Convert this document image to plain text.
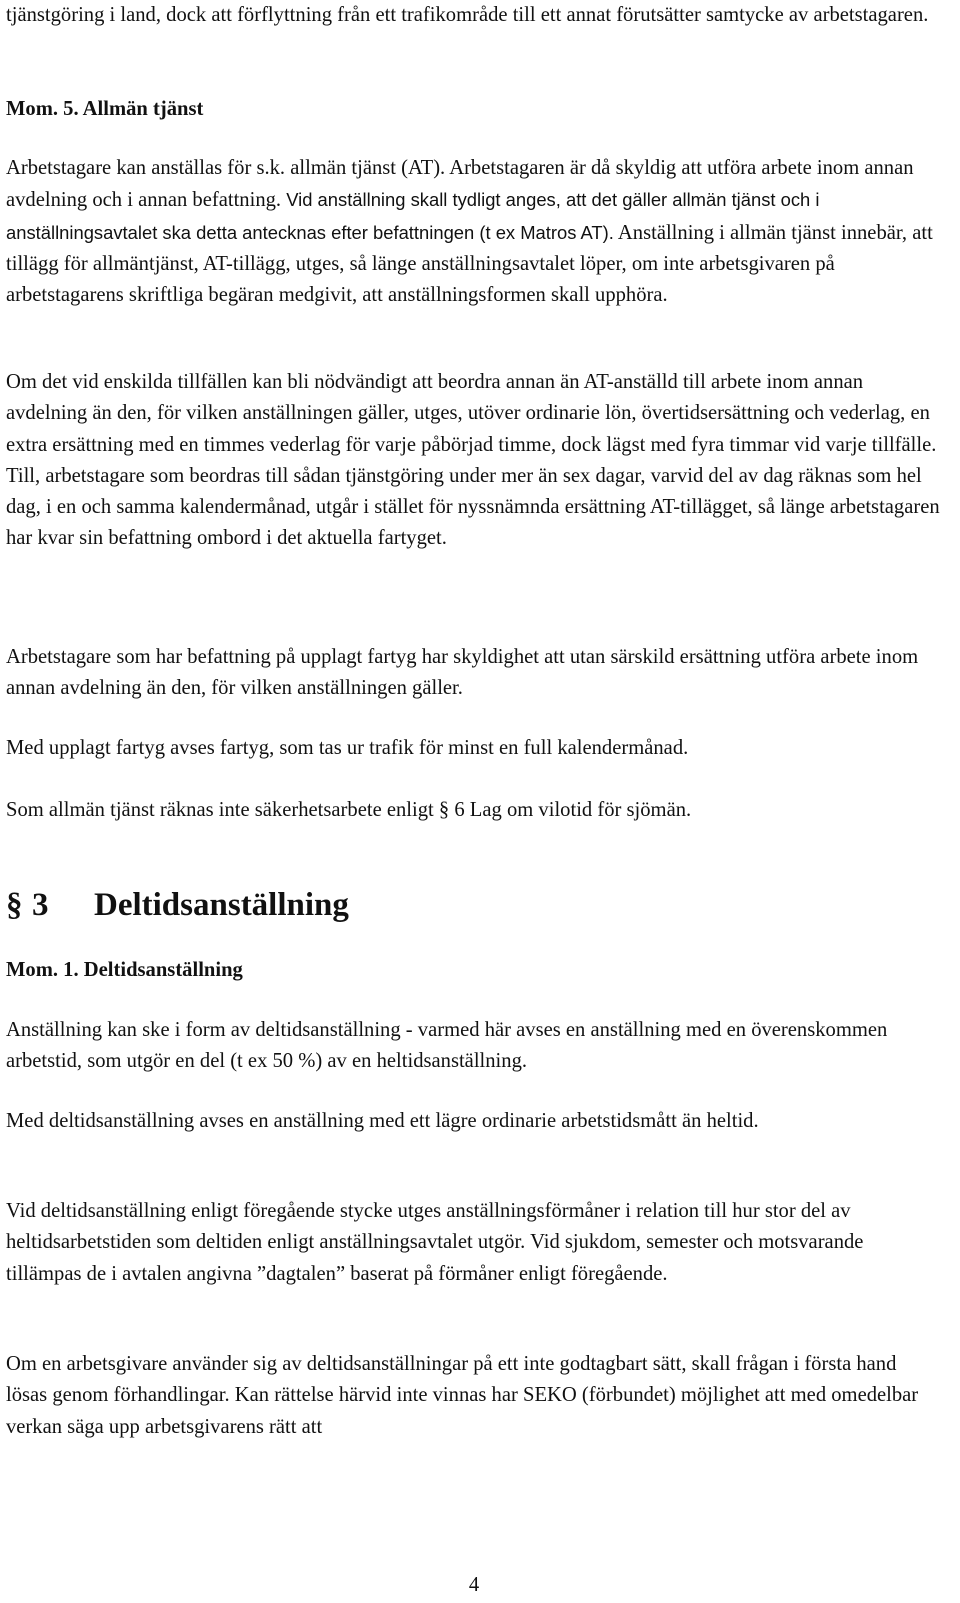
tjänstgöring i land, dock att förflyttning från ett trafikområde till ett annat förutsätter samtycke av arbetstagaren.

Mom. 5. Allmän tjänst

Arbetstagare kan anställas för s.k. allmän tjänst (AT). Arbetstagaren är då skyldig att utföra arbete inom annan avdelning och i annan befattning. Vid anställning skall tydligt anges, att det gäller allmän tjänst och i anställningsavtalet ska detta antecknas efter befattningen (t ex Matros AT). Anställning i allmän tjänst innebär, att tillägg för allmäntjänst, AT-tillägg, utges, så länge anställningsavtalet löper, om inte arbetsgivaren på arbetstagarens skriftliga begäran medgivit, att anställningsformen skall upphöra.

Om det vid enskilda tillfällen kan bli nödvändigt att beordra annan än AT-anställd till arbete inom annan avdelning än den, för vilken anställningen gäller, utges, utöver ordinarie lön, övertidsersättning och vederlag, en extra ersättning med en timmes vederlag för varje påbörjad timme, dock lägst med fyra timmar vid varje tillfälle. Till, arbetstagare som beordras till sådan tjänstgöring under mer än sex dagar, varvid del av dag räknas som hel dag, i en och samma kalendermånad, utgår i stället för nyssnämnda ersättning AT-tillägget, så länge arbetstagaren har kvar sin befattning ombord i det aktuella fartyget.

Arbetstagare som har befattning på upplagt fartyg har skyldighet att utan särskild ersättning utföra arbete inom annan avdelning än den, för vilken anställningen gäller.

Med upplagt fartyg avses fartyg, som tas ur trafik för minst en full kalendermånad.

Som allmän tjänst räknas inte säkerhetsarbete enligt § 6 Lag om vilotid för sjömän.

§ 3 Deltidsanställning

Mom. 1. Deltidsanställning

Anställning kan ske i form av deltidsanställning - varmed här avses en anställning med en överenskommen arbetstid, som utgör en del (t ex 50 %) av en heltidsanställning.

Med deltidsanställning avses en anställning med ett lägre ordinarie arbetstidsmått än heltid.

Vid deltidsanställning enligt föregående stycke utges anställningsförmåner i relation till hur stor del av heltidsarbetstiden som deltiden enligt anställningsavtalet utgör. Vid sjukdom, semester och motsvarande tillämpas de i avtalen angivna ”dagtalen” baserat på förmåner enligt föregående.

Om en arbetsgivare använder sig av deltidsanställningar på ett inte godtagbart sätt, skall frågan i första hand lösas genom förhandlingar. Kan rättelse härvid inte vinnas har SEKO (förbundet) möjlighet att med omedelbar verkan säga upp arbetsgivarens rätt att

4
